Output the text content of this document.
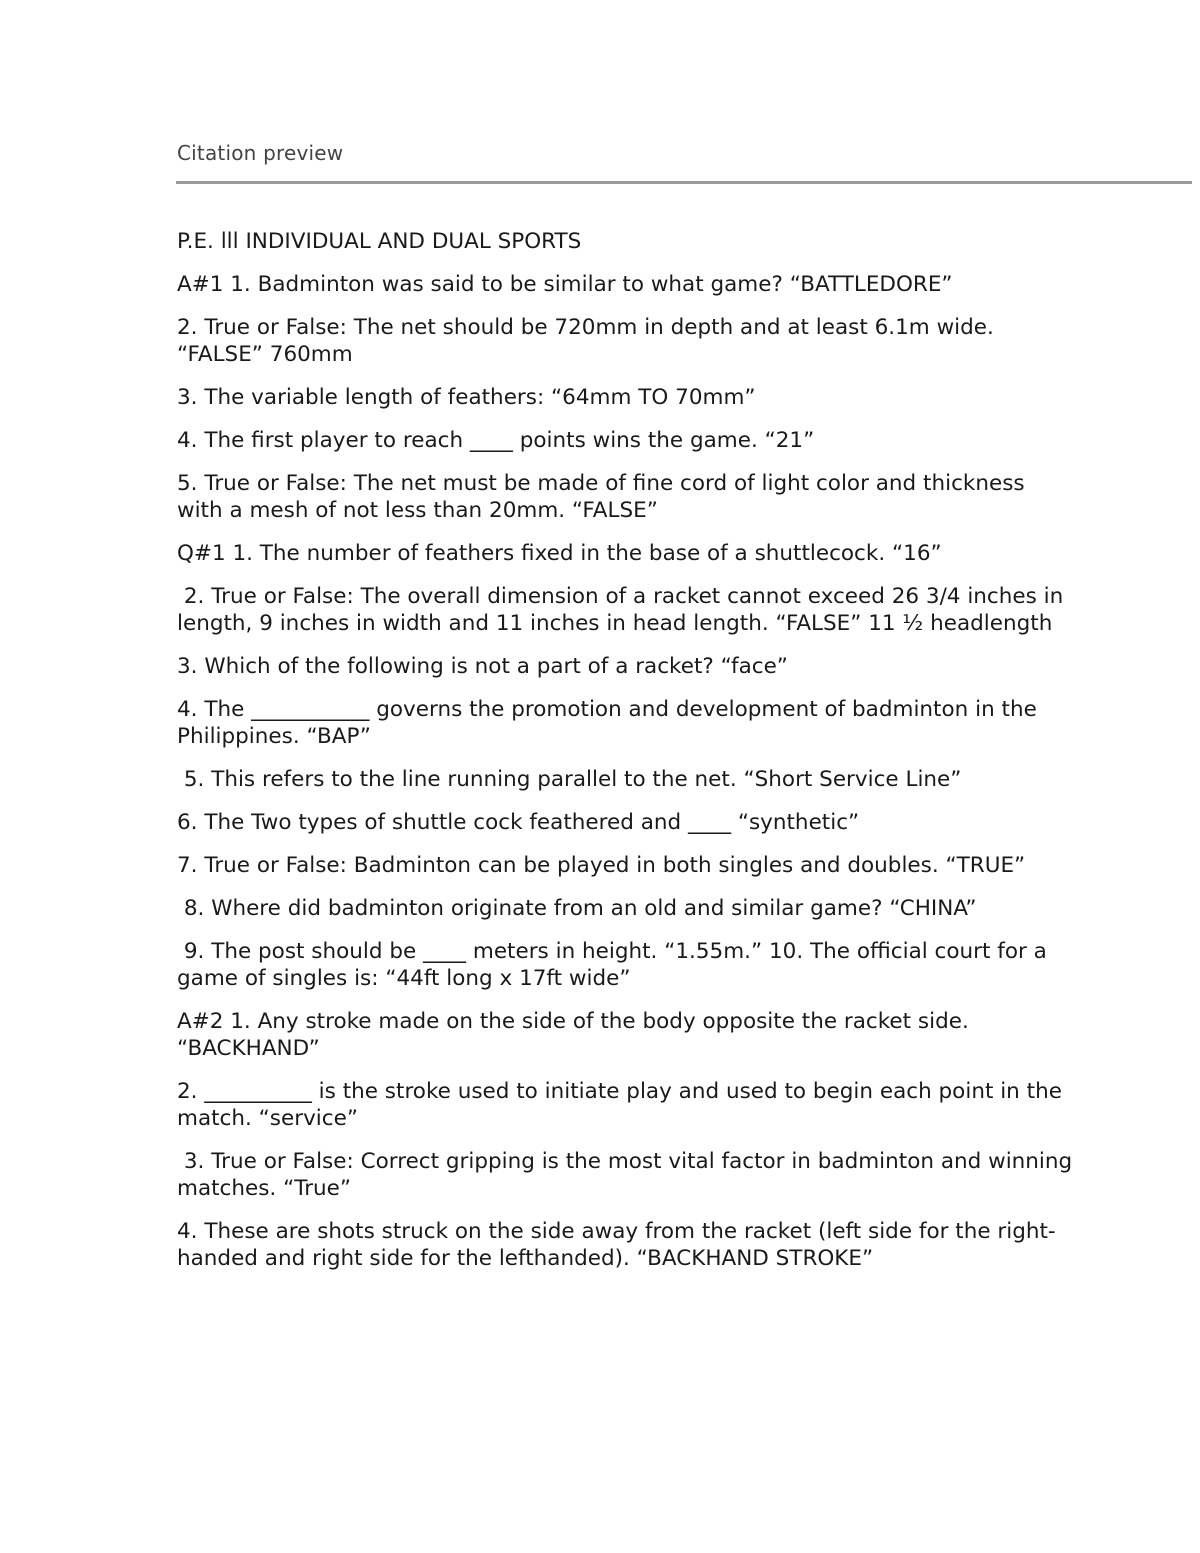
Citation preview

P.E. lll INDIVIDUAL AND DUAL SPORTS

A#1 1. Badminton was said to be similar to what game? “BATTLEDORE”

2. True or False: The net should be 720mm in depth and at least 6.1m wide. “FALSE” 760mm

3. The variable length of feathers: “64mm TO 70mm”

4. The first player to reach ____ points wins the game. “21”

5. True or False: The net must be made of fine cord of light color and thickness with a mesh of not less than 20mm. “FALSE”

Q#1 1. The number of feathers fixed in the base of a shuttlecock. “16”

2. True or False: The overall dimension of a racket cannot exceed 26 3/4 inches in length, 9 inches in width and 11 inches in head length. “FALSE” 11 ½ headlength

3. Which of the following is not a part of a racket? “face”

4. The ___________ governs the promotion and development of badminton in the Philippines. “BAP”

5. This refers to the line running parallel to the net. “Short Service Line”

6. The Two types of shuttle cock feathered and ____ “synthetic”

7. True or False: Badminton can be played in both singles and doubles. “TRUE”

8. Where did badminton originate from an old and similar game? “CHINA”

9. The post should be ____ meters in height. “1.55m.” 10. The official court for a game of singles is: “44ft long x 17ft wide”

A#2 1. Any stroke made on the side of the body opposite the racket side. “BACKHAND”

2. __________ is the stroke used to initiate play and used to begin each point in the match. “service”

3. True or False: Correct gripping is the most vital factor in badminton and winning matches. “True”

4. These are shots struck on the side away from the racket (left side for the right-handed and right side for the lefthanded). “BACKHAND STROKE”
